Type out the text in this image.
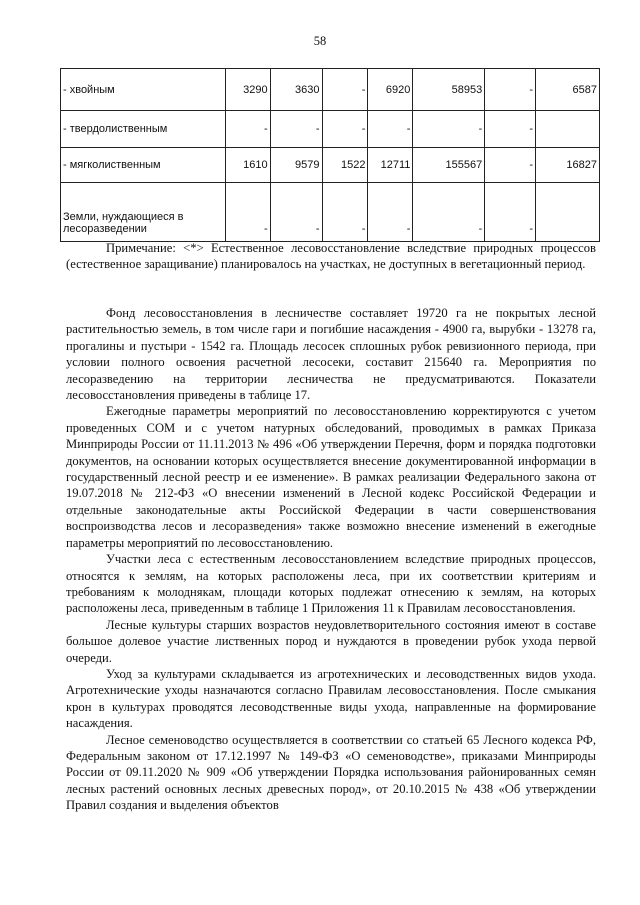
58
- хвойным	3290	3630	-	6920	58953	-	6587
- твердолиственным	-	-	-	-	-	-	
- мягколиственным	1610	9579	1522	12711	155567	-	16827
Земли, нуждающиеся в лесоразведении	-	-	-	-	-	-	

Примечание: <*> Естественное лесовосстановление вследствие природных процессов (естественное заращивание) планировалось на участках, не доступных в вегетационный период.

Фонд лесовосстановления в лесничестве составляет 19720 га не покрытых лесной растительностью земель, в том числе гари и погибшие насаждения - 4900 га, вырубки - 13278 га, прогалины и пустыри - 1542 га. Площадь лесосек сплошных рубок ревизионного периода, при условии полного освоения расчетной лесосеки, составит 215640 га. Мероприятия по лесоразведению на территории лесничества не предусматриваются. Показатели лесовосстановления приведены в таблице 17.

Ежегодные параметры мероприятий по лесовосстановлению корректируются с учетом проведенных СОМ и с учетом натурных обследований, проводимых в рамках Приказа Минприроды России от 11.11.2013 № 496 «Об утверждении Перечня, форм и порядка подготовки документов, на основании которых осуществляется внесение документированной информации в государственный лесной реестр и ее изменение». В рамках реализации Федерального закона от 19.07.2018 № 212-ФЗ «О внесении изменений в Лесной кодекс Российской Федерации и отдельные законодательные акты Российской Федерации в части совершенствования воспроизводства лесов и лесоразведения» также возможно внесение изменений в ежегодные параметры мероприятий по лесовосстановлению.

Участки леса с естественным лесовосстановлением вследствие природных процессов, относятся к землям, на которых расположены леса, при их соответствии критериям и требованиям к молоднякам, площади которых подлежат отнесению к землям, на которых расположены леса, приведенным в таблице 1 Приложения 11 к Правилам лесовосстановления.

Лесные культуры старших возрастов неудовлетворительного состояния имеют в составе большое долевое участие лиственных пород и нуждаются в проведении рубок ухода первой очереди.

Уход за культурами складывается из агротехнических и лесоводственных видов ухода. Агротехнические уходы назначаются согласно Правилам лесовосстановления. После смыкания крон в культурах проводятся лесоводственные виды ухода, направленные на формирование насаждения.

Лесное семеноводство осуществляется в соответствии со статьей 65 Лесного кодекса РФ, Федеральным законом от 17.12.1997 № 149-ФЗ «О семеноводстве», приказами Минприроды России от 09.11.2020 № 909 «Об утверждении Порядка использования районированных семян лесных растений основных лесных древесных пород», от 20.10.2015 № 438 «Об утверждении Правил создания и выделения объектов
